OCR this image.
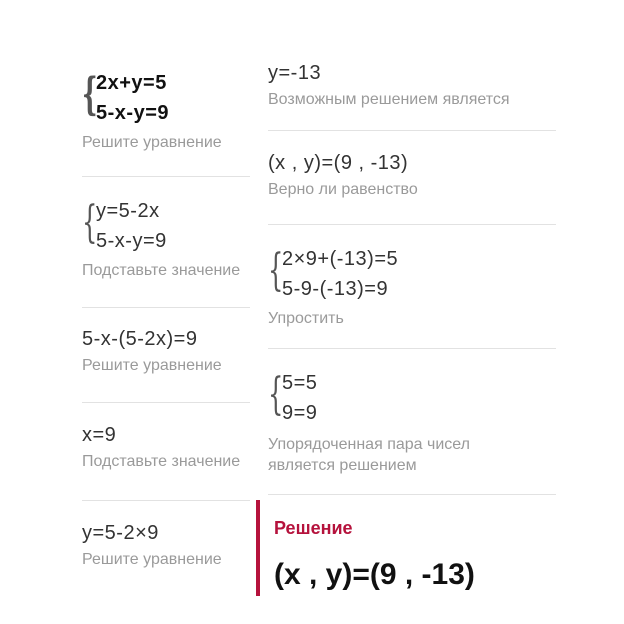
{
2x+y=5
5-x-y=9
Решите уравнение
{
y=5-2x
5-x-y=9
Подставьте значение
5-x-(5-2x)=9
Решите уравнение
x=9
Подставьте значение
y=5-2×9
Решите уравнение
y=-13
Возможным решением является
(x , y)=(9 , -13)
Верно ли равенство
{
2×9+(-13)=5
5-9-(-13)=9
Упростить
{
5=5
9=9
Упорядоченная пара чисел является решением
Решение
(x , y)=(9 , -13)
